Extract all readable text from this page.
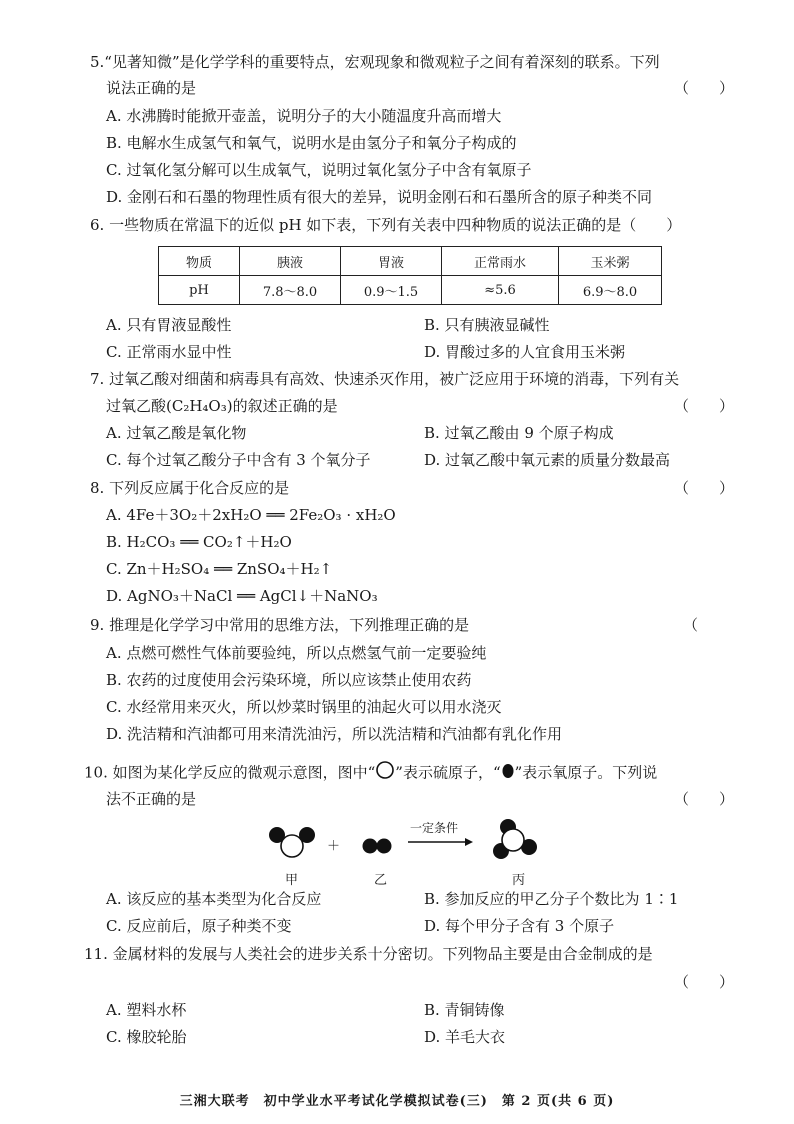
5.“见著知微”是化学学科的重要特点，宏观现象和微观粒子之间有着深刻的联系。下列
说法正确的是	（　　）
A. 水沸腾时能掀开壶盖，说明分子的大小随温度升高而增大
B. 电解水生成氢气和氧气，说明水是由氢分子和氧分子构成的
C. 过氧化氢分解可以生成氧气，说明过氧化氢分子中含有氧原子
D. 金刚石和石墨的物理性质有很大的差异，说明金刚石和石墨所含的原子种类不同
6. 一些物质在常温下的近似 pH 如下表，下列有关表中四种物质的说法正确的是（　　）
物质	胰液	胃液	正常雨水	玉米粥
pH	7.8～8.0	0.9～1.5	≈5.6	6.9～8.0
A. 只有胃液显酸性	B. 只有胰液显碱性
C. 正常雨水显中性	D. 胃酸过多的人宜食用玉米粥
7. 过氧乙酸对细菌和病毒具有高效、快速杀灭作用，被广泛应用于环境的消毒，下列有关
过氧乙酸(C₂H₄O₃)的叙述正确的是	（　　）
A. 过氧乙酸是氧化物	B. 过氧乙酸由 9 个原子构成
C. 每个过氧乙酸分子中含有 3 个氧分子	D. 过氧乙酸中氧元素的质量分数最高
8. 下列反应属于化合反应的是	（　　）
A. 4Fe＋3O₂＋2xH₂O ══ 2Fe₂O₃ · xH₂O
B. H₂CO₃ ══ CO₂↑＋H₂O
C. Zn＋H₂SO₄ ══ ZnSO₄＋H₂↑
D. AgNO₃＋NaCl ══ AgCl↓＋NaNO₃
9. 推理是化学学习中常用的思维方法，下列推理正确的是	（
A. 点燃可燃性气体前要验纯，所以点燃氢气前一定要验纯
B. 农药的过度使用会污染环境，所以应该禁止使用农药
C. 水经常用来灭火，所以炒菜时锅里的油起火可以用水浇灭
D. 洗洁精和汽油都可用来清洗油污，所以洗洁精和汽油都有乳化作用
10. 如图为某化学反应的微观示意图，图中“ ”表示硫原子，“ ”表示氧原子。下列说
法不正确的是	（　　）
＋
一定条件
甲	乙	丙
A. 该反应的基本类型为化合反应	B. 参加反应的甲乙分子个数比为 1∶1
C. 反应前后，原子种类不变	D. 每个甲分子含有 3 个原子
11. 金属材料的发展与人类社会的进步关系十分密切。下列物品主要是由合金制成的是
（　　）
A. 塑料水杯	B. 青铜铸像
C. 橡胶轮胎	D. 羊毛大衣
三湘大联考　初中学业水平考试化学模拟试卷(三)　第 2 页(共 6 页)
